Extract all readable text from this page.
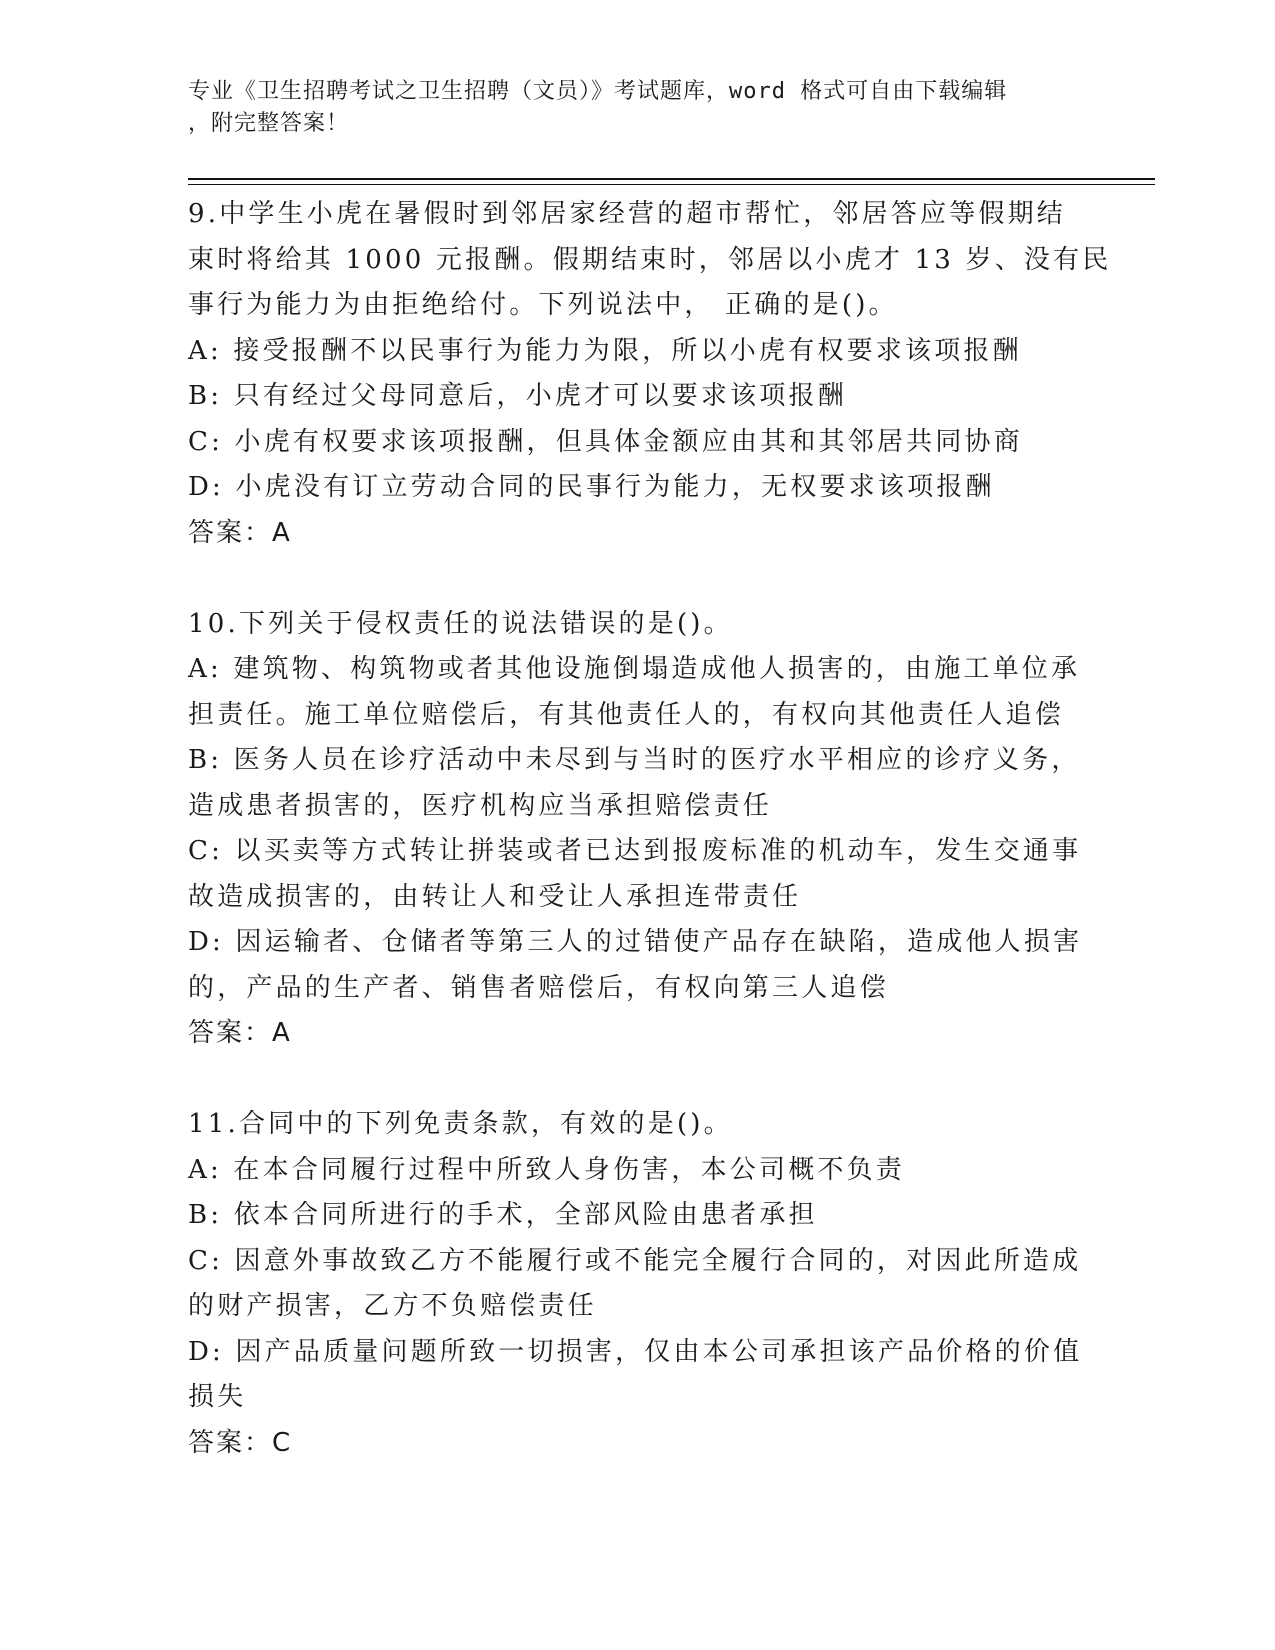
专业《卫生招聘考试之卫生招聘（文员）》考试题库，word 格式可自由下载编辑
，附完整答案！
9.中学生小虎在暑假时到邻居家经营的超市帮忙，邻居答应等假期结
束时将给其 1000 元报酬。假期结束时，邻居以小虎才 13 岁、没有民
事行为能力为由拒绝给付。下列说法中， 正确的是()。
A: 接受报酬不以民事行为能力为限，所以小虎有权要求该项报酬
B: 只有经过父母同意后，小虎才可以要求该项报酬
C: 小虎有权要求该项报酬，但具体金额应由其和其邻居共同协商
D: 小虎没有订立劳动合同的民事行为能力，无权要求该项报酬
答案：A
10.下列关于侵权责任的说法错误的是()。
A: 建筑物、构筑物或者其他设施倒塌造成他人损害的，由施工单位承
担责任。施工单位赔偿后，有其他责任人的，有权向其他责任人追偿
B: 医务人员在诊疗活动中未尽到与当时的医疗水平相应的诊疗义务，
造成患者损害的，医疗机构应当承担赔偿责任
C: 以买卖等方式转让拼装或者已达到报废标准的机动车，发生交通事
故造成损害的，由转让人和受让人承担连带责任
D: 因运输者、仓储者等第三人的过错使产品存在缺陷，造成他人损害
的，产品的生产者、销售者赔偿后，有权向第三人追偿
答案：A
11.合同中的下列免责条款，有效的是()。
A: 在本合同履行过程中所致人身伤害，本公司概不负责
B: 依本合同所进行的手术，全部风险由患者承担
C: 因意外事故致乙方不能履行或不能完全履行合同的，对因此所造成
的财产损害，乙方不负赔偿责任
D: 因产品质量问题所致一切损害，仅由本公司承担该产品价格的价值
损失
答案：C
